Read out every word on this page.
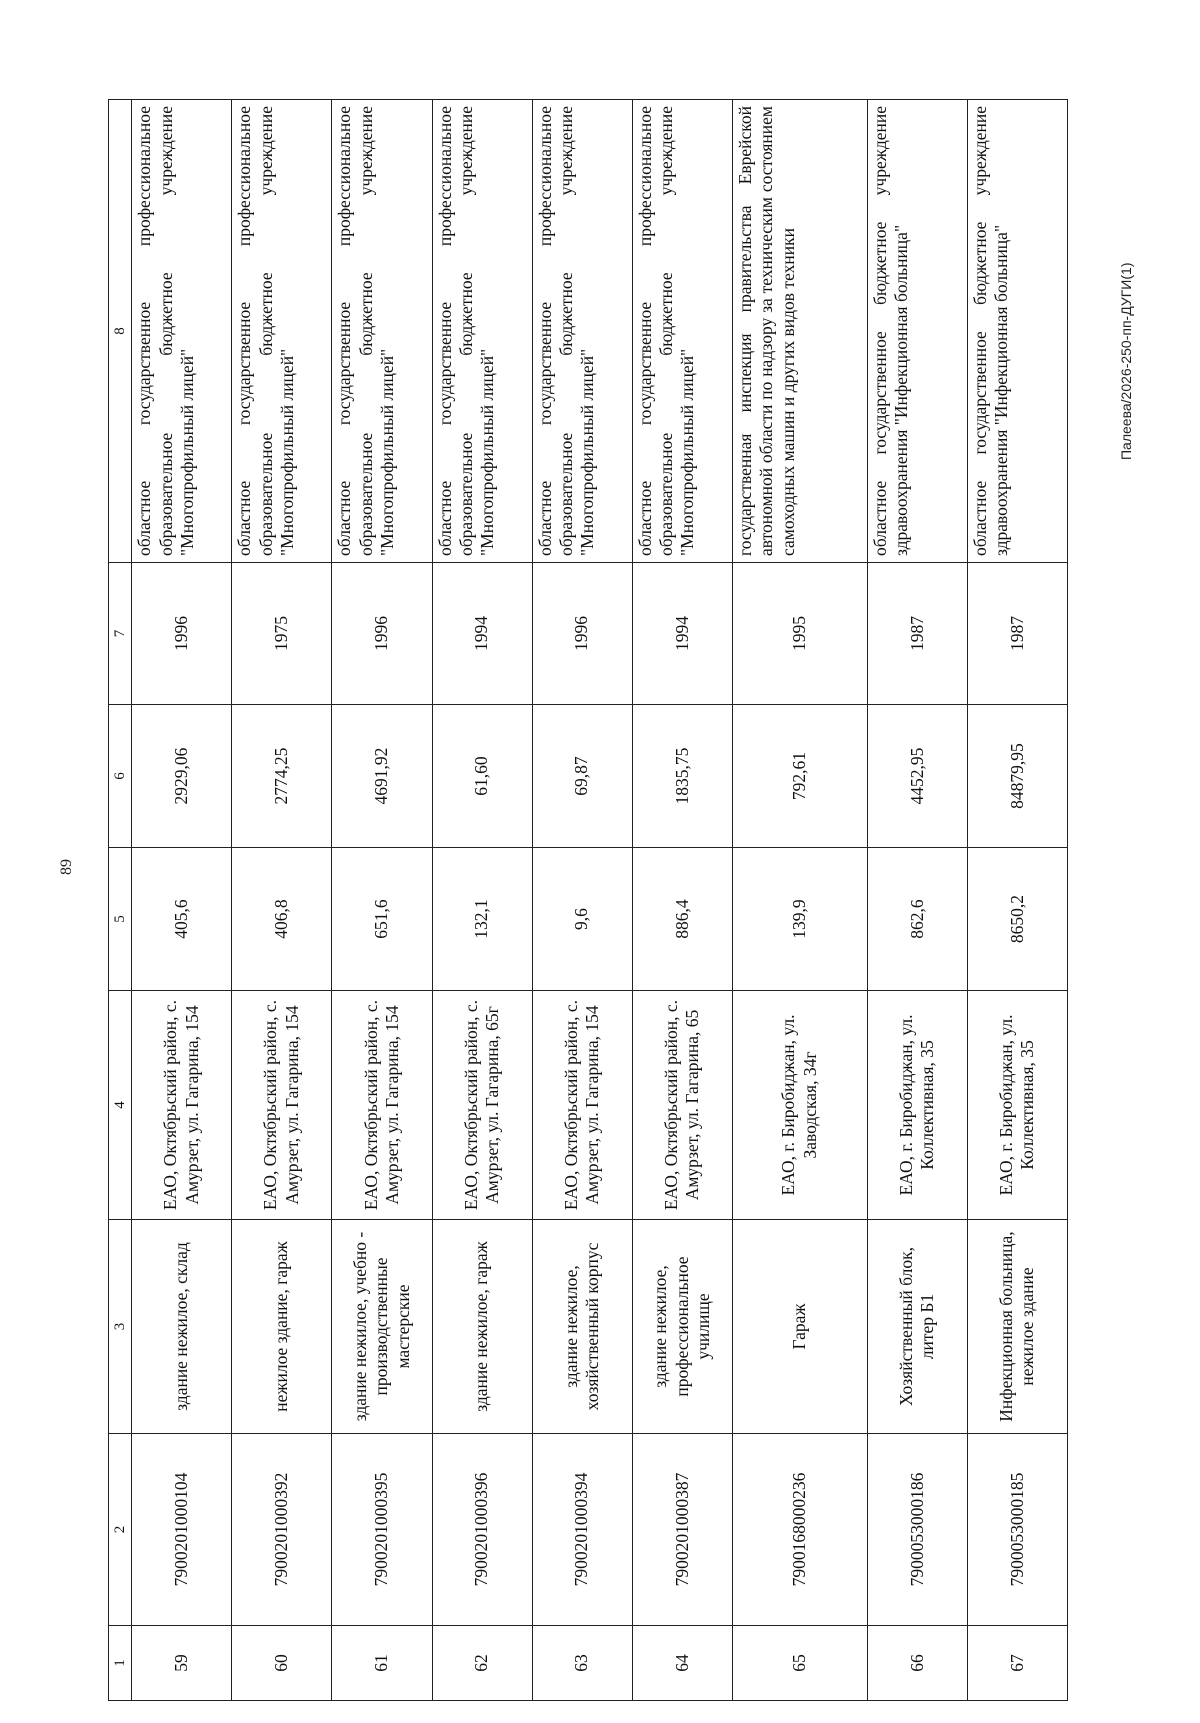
89
1	2	3	4	5	6	7	8
59	7900201000104	здание нежилое, склад	ЕАО, Октябрьский район, с. Амурзет, ул. Гагарина, 154	405,6	2929,06	1996	областное государственное профессиональное образовательное бюджетное учреждение "Многопрофильный лицей"
60	7900201000392	нежилое здание, гараж	ЕАО, Октябрьский район, с. Амурзет, ул. Гагарина, 154	406,8	2774,25	1975	областное государственное профессиональное образовательное бюджетное учреждение "Многопрофильный лицей"
61	7900201000395	здание нежилое, учебно - производственные мастерские	ЕАО, Октябрьский район, с. Амурзет, ул. Гагарина, 154	651,6	4691,92	1996	областное государственное профессиональное образовательное бюджетное учреждение "Многопрофильный лицей"
62	7900201000396	здание нежилое, гараж	ЕАО, Октябрьский район, с. Амурзет, ул. Гагарина, 65г	132,1	61,60	1994	областное государственное профессиональное образовательное бюджетное учреждение "Многопрофильный лицей"
63	7900201000394	здание нежилое, хозяйственный корпус	ЕАО, Октябрьский район, с. Амурзет, ул. Гагарина, 154	9,6	69,87	1996	областное государственное профессиональное образовательное бюджетное учреждение "Многопрофильный лицей"
64	7900201000387	здание нежилое, профессиональное училище	ЕАО, Октябрьский район, с. Амурзет, ул. Гагарина, 65	886,4	1835,75	1994	областное государственное профессиональное образовательное бюджетное учреждение "Многопрофильный лицей"
65	7900168000236	Гараж	ЕАО, г. Биробиджан, ул. Заводская, 34г	139,9	792,61	1995	государственная инспекция правительства Еврейской автономной области по надзору за техническим состоянием самоходных машин и других видов техники
66	7900053000186	Хозяйственный блок, литер Б1	ЕАО, г. Биробиджан, ул. Коллективная, 35	862,6	4452,95	1987	областное государственное бюджетное учреждение здравоохранения "Инфекционная больница"
67	7900053000185	Инфекционная больница, нежилое здание	ЕАО, г. Биробиджан, ул. Коллективная, 35	8650,2	84879,95	1987	областное государственное бюджетное учреждение здравоохранения "Инфекционная больница"	Палеева/2026-250-пп-ДУГИ(1)
